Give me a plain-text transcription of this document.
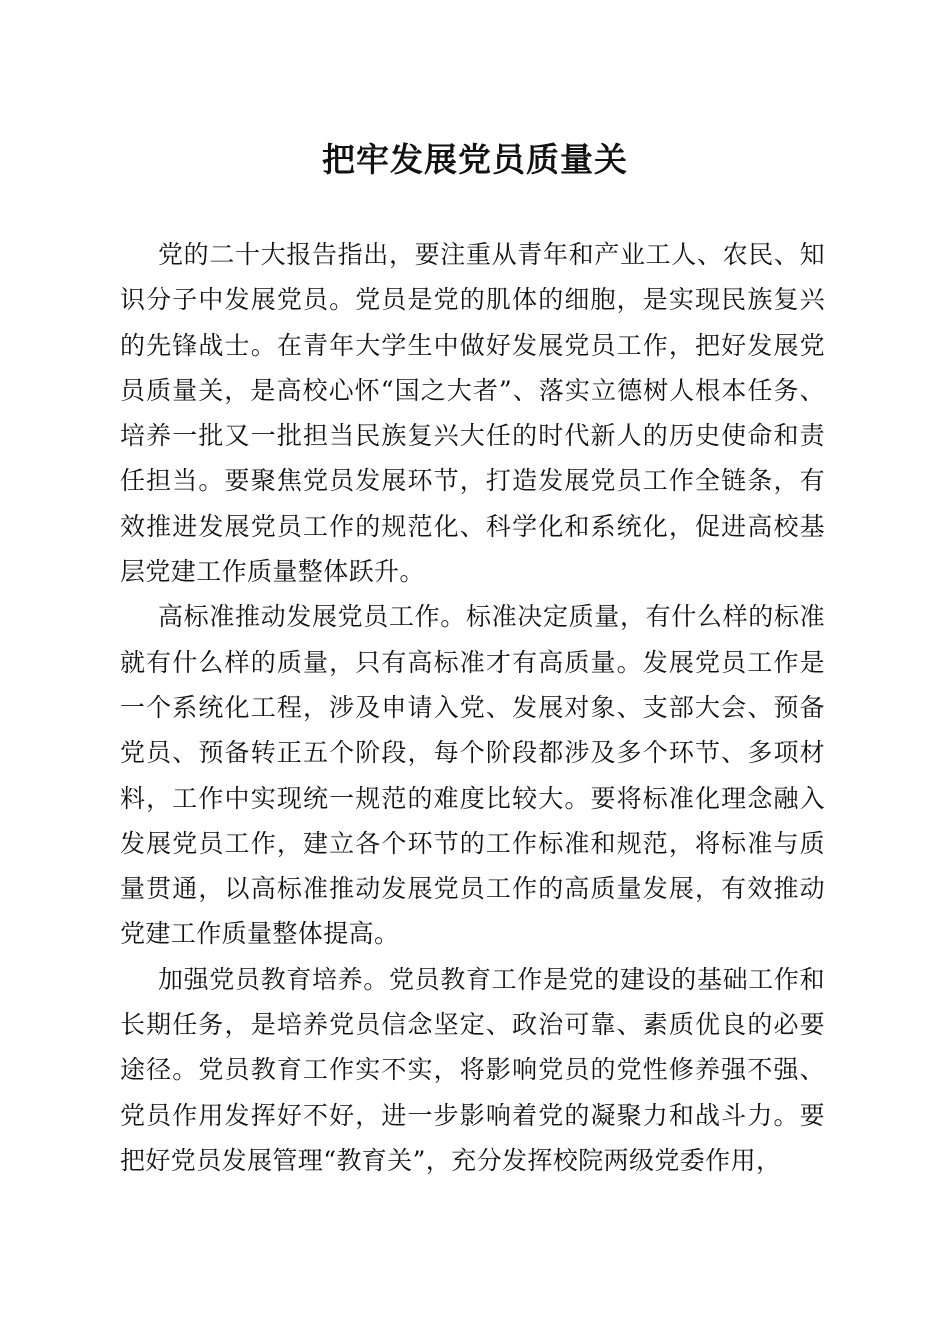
把牢发展党员质量关

党的二十大报告指出，要注重从青年和产业工人、农民、知识分子中发展党员。党员是党的肌体的细胞，是实现民族复兴的先锋战士。在青年大学生中做好发展党员工作，把好发展党员质量关，是高校心怀“国之大者”、落实立德树人根本任务、培养一批又一批担当民族复兴大任的时代新人的历史使命和责任担当。要聚焦党员发展环节，打造发展党员工作全链条，有效推进发展党员工作的规范化、科学化和系统化，促进高校基层党建工作质量整体跃升。

高标准推动发展党员工作。标准决定质量，有什么样的标准就有什么样的质量，只有高标准才有高质量。发展党员工作是一个系统化工程，涉及申请入党、发展对象、支部大会、预备党员、预备转正五个阶段，每个阶段都涉及多个环节、多项材料，工作中实现统一规范的难度比较大。要将标准化理念融入发展党员工作，建立各个环节的工作标准和规范，将标准与质量贯通，以高标准推动发展党员工作的高质量发展，有效推动党建工作质量整体提高。

加强党员教育培养。党员教育工作是党的建设的基础工作和长期任务，是培养党员信念坚定、政治可靠、素质优良的必要途径。党员教育工作实不实，将影响党员的党性修养强不强、党员作用发挥好不好，进一步影响着党的凝聚力和战斗力。要把好党员发展管理“教育关”，充分发挥校院两级党委作用，
